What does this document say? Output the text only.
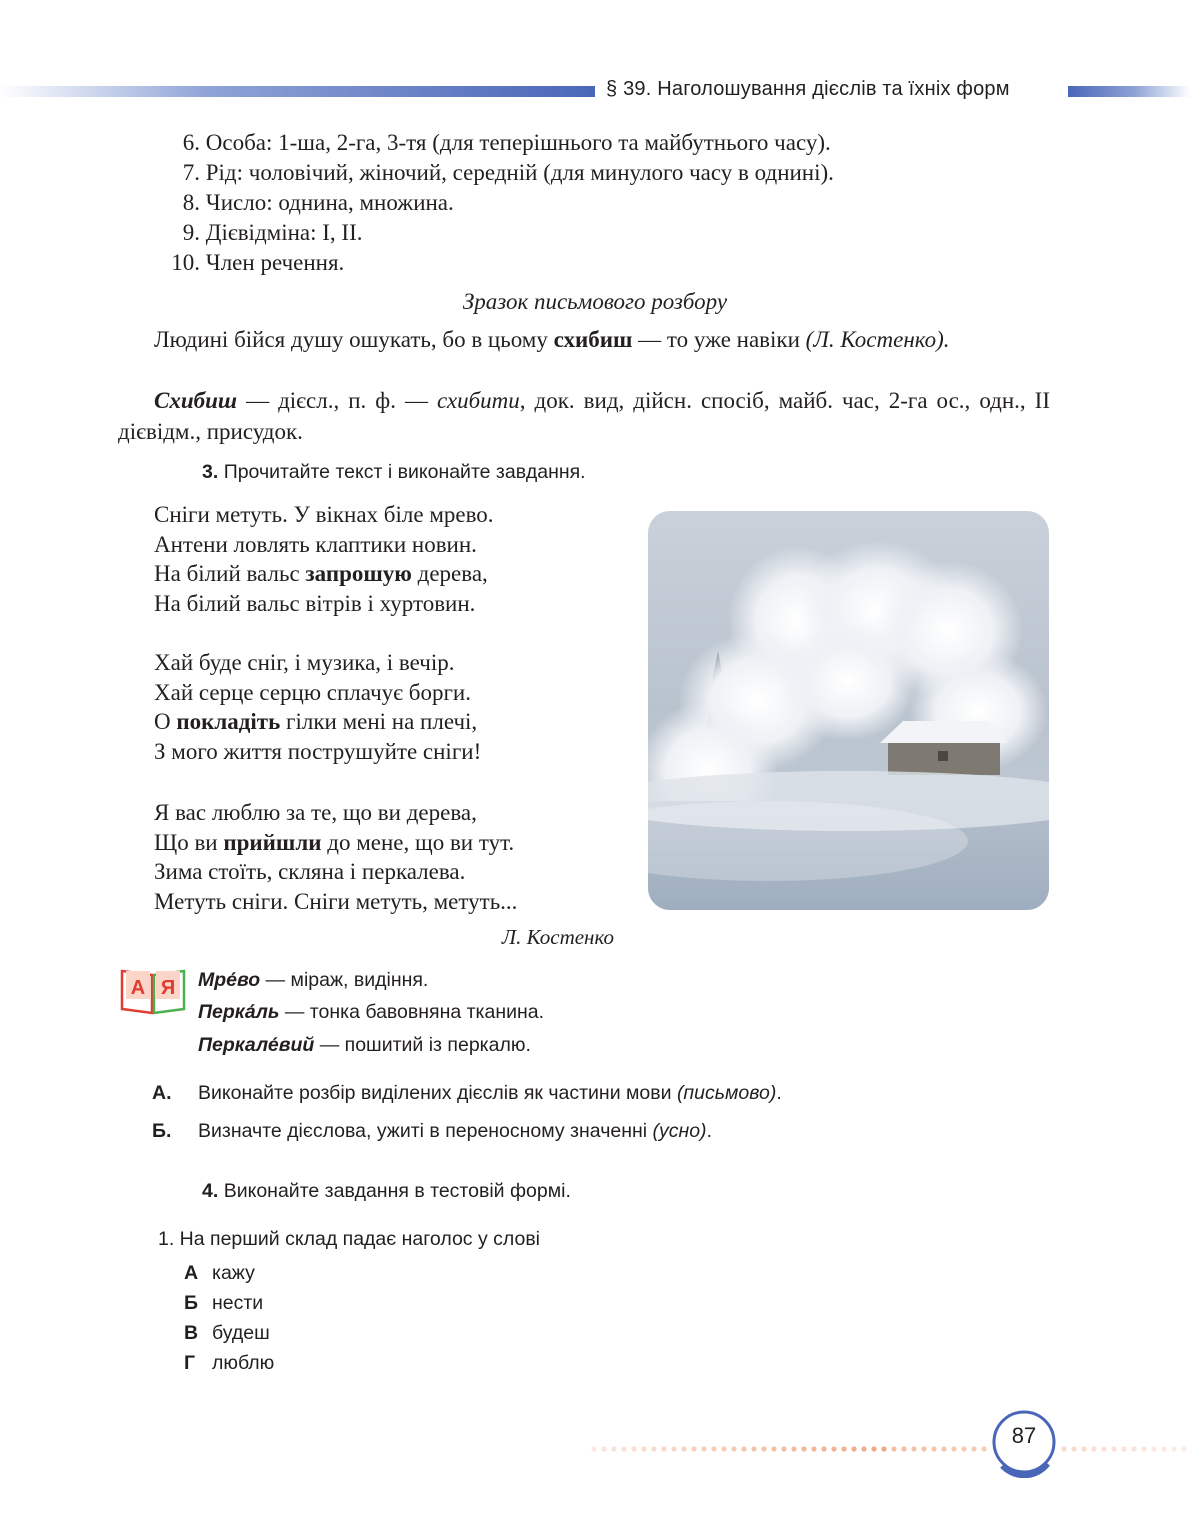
§ 39. Наголошування дієслів та їхніх форм
6. Особа: 1-ша, 2-га, 3-тя (для теперішнього та майбутнього часу).
7. Рід: чоловічий, жіночий, середній (для минулого часу в однині).
8. Число: однина, множина.
9. Дієвідміна: І, ІІ.
10. Член речення.
Зразок письмового розбору
Людині бійся душу ошукать, бо в цьому схибиш — то уже навіки (Л. Костенко).
Схибиш — дієсл., п. ф. — схибити, док. вид, дійсн. спосіб, майб. час, 2-га ос., одн., ІІ дієвідм., присудок.
3. Прочитайте текст і виконайте завдання.
Сніги метуть. У вікнах біле мрево.
Антени ловлять клаптики новин.
На білий вальс запрошую дерева,
На білий вальс вітрів і хуртовин.
Хай буде сніг, і музика, і вечір.
Хай серце серцю сплачує борги.
О покладіть гілки мені на плечі,
З мого життя пострушуйте сніги!
Я вас люблю за те, що ви дерева,
Що ви прийшли до мене, що ви тут.
Зима стоїть, скляна і перкалева.
Метуть сніги. Сніги метуть, метуть...
Л. Костенко
А Я Мре́во — міраж, видіння.
Перка́ль — тонка бавовняна тканина.
Перкале́вий — пошитий із перкалю.
А. Виконайте розбір виділених дієслів як частини мови (письмово).
Б. Визначте дієслова, ужиті в переносному значенні (усно).
4. Виконайте завдання в тестовій формі.
1. На перший склад падає наголос у слові
А кажу
Б нести
В будеш
Г люблю
87
